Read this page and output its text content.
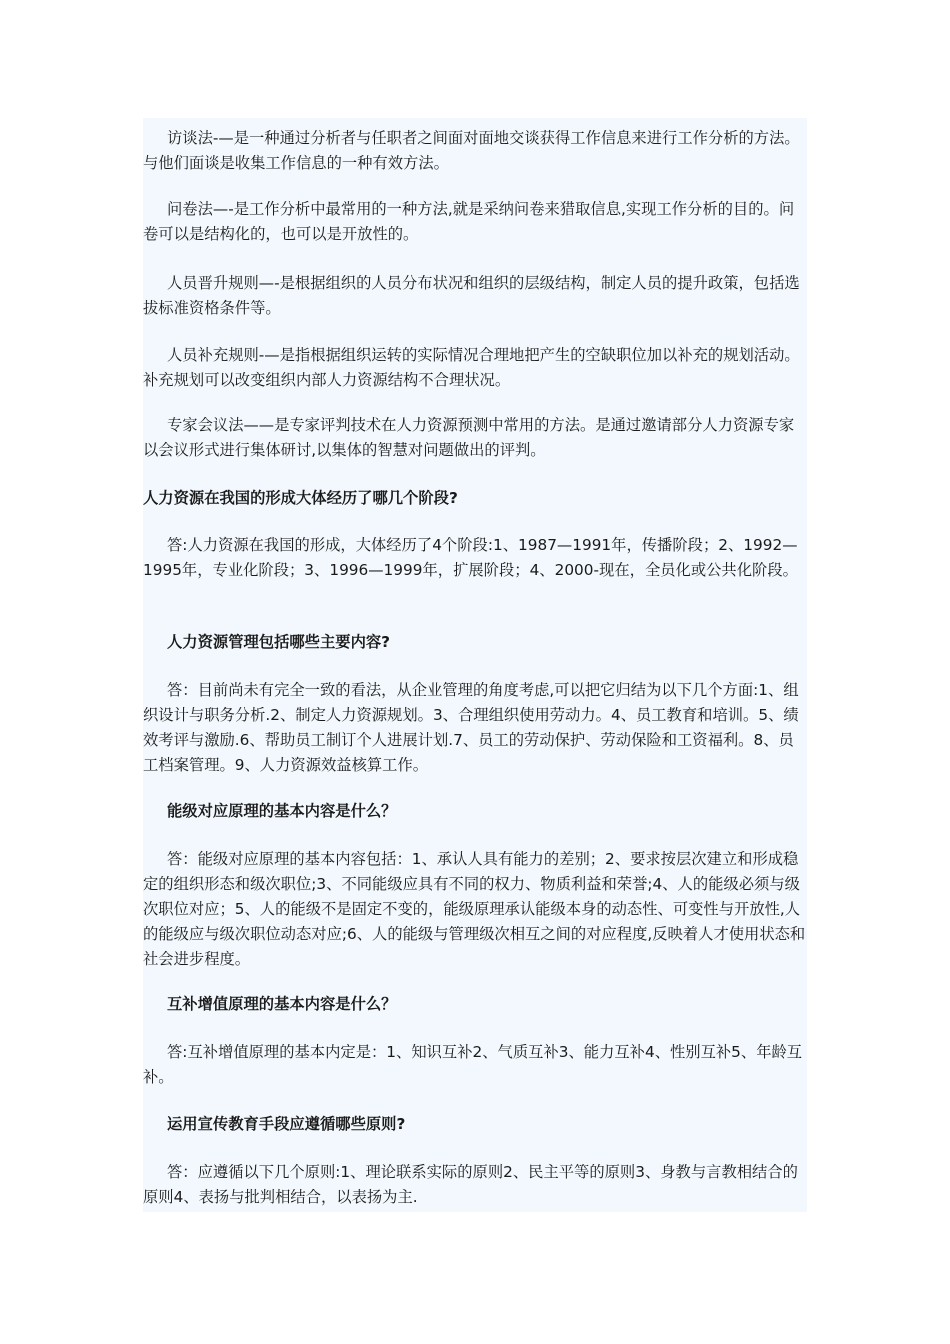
访谈法-—是一种通过分析者与任职者之间面对面地交谈获得工作信息来进行工作分析的方法。与他们面谈是收集工作信息的一种有效方法。

问卷法—-是工作分析中最常用的一种方法,就是采纳问卷来猎取信息,实现工作分析的目的。问卷可以是结构化的，也可以是开放性的。

人员晋升规则—-是根据组织的人员分布状况和组织的层级结构，制定人员的提升政策，包括选拔标准资格条件等。

人员补充规则-—是指根据组织运转的实际情况合理地把产生的空缺职位加以补充的规划活动。补充规划可以改变组织内部人力资源结构不合理状况。

专家会议法——是专家评判技术在人力资源预测中常用的方法。是通过邀请部分人力资源专家以会议形式进行集体研讨,以集体的智慧对问题做出的评判。

人力资源在我国的形成大体经历了哪几个阶段?

答:人力资源在我国的形成，大体经历了4个阶段:1、1987—1991年，传播阶段；2、1992—1995年，专业化阶段；3、1996—1999年，扩展阶段；4、2000-现在，全员化或公共化阶段。

人力资源管理包括哪些主要内容?

答：目前尚未有完全一致的看法，从企业管理的角度考虑,可以把它归结为以下几个方面:1、组织设计与职务分析.2、制定人力资源规划。3、合理组织使用劳动力。4、员工教育和培训。5、绩效考评与激励.6、帮助员工制订个人进展计划.7、员工的劳动保护、劳动保险和工资福利。8、员工档案管理。9、人力资源效益核算工作。

能级对应原理的基本内容是什么？

答：能级对应原理的基本内容包括：1、承认人具有能力的差别；2、要求按层次建立和形成稳定的组织形态和级次职位;3、不同能级应具有不同的权力、物质利益和荣誉;4、人的能级必须与级次职位对应；5、人的能级不是固定不变的，能级原理承认能级本身的动态性、可变性与开放性,人的能级应与级次职位动态对应;6、人的能级与管理级次相互之间的对应程度,反映着人才使用状态和社会进步程度。

互补增值原理的基本内容是什么？

答:互补增值原理的基本内定是：1、知识互补2、气质互补3、能力互补4、性别互补5、年龄互补。

运用宣传教育手段应遵循哪些原则?

答：应遵循以下几个原则:1、理论联系实际的原则2、民主平等的原则3、身教与言教相结合的原则4、表扬与批判相结合，以表扬为主.
